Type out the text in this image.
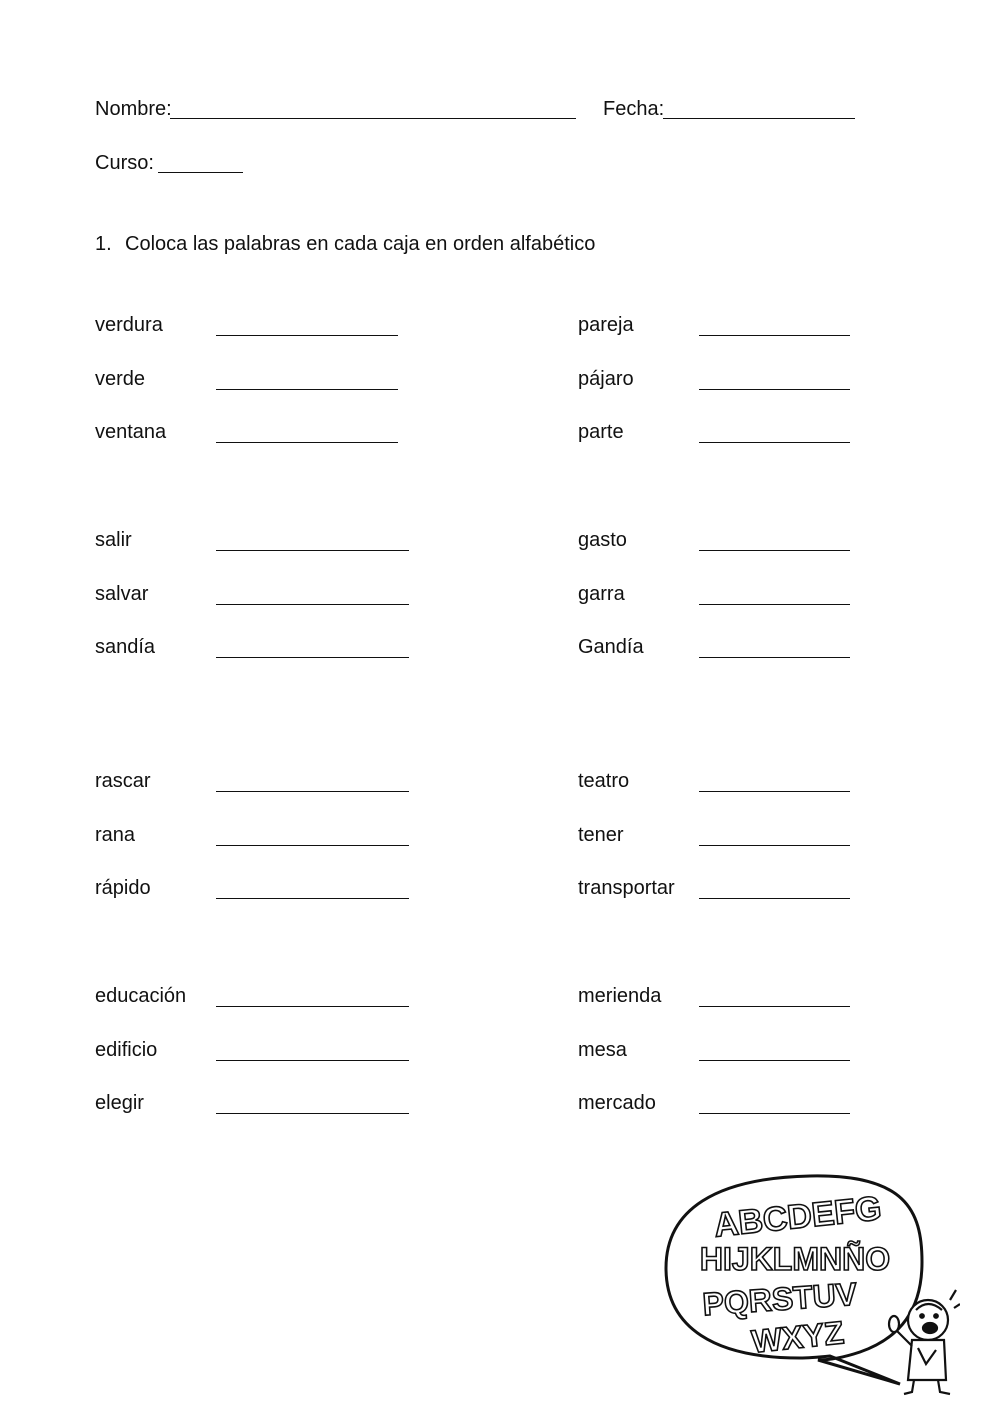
Nombre:	Fecha:
Curso:
1. Coloca las palabras en cada caja en orden alfabético
verdura
verde
ventana
pareja
pájaro
parte
salir
salvar
sandía
gasto
garra
Gandía
rascar
rana
rápido
teatro
tener
transportar
educación
edificio
elegir
merienda
mesa
mercado
ABCDEFG
HIJKLMNÑO
PQRSTUV
WXYZ
